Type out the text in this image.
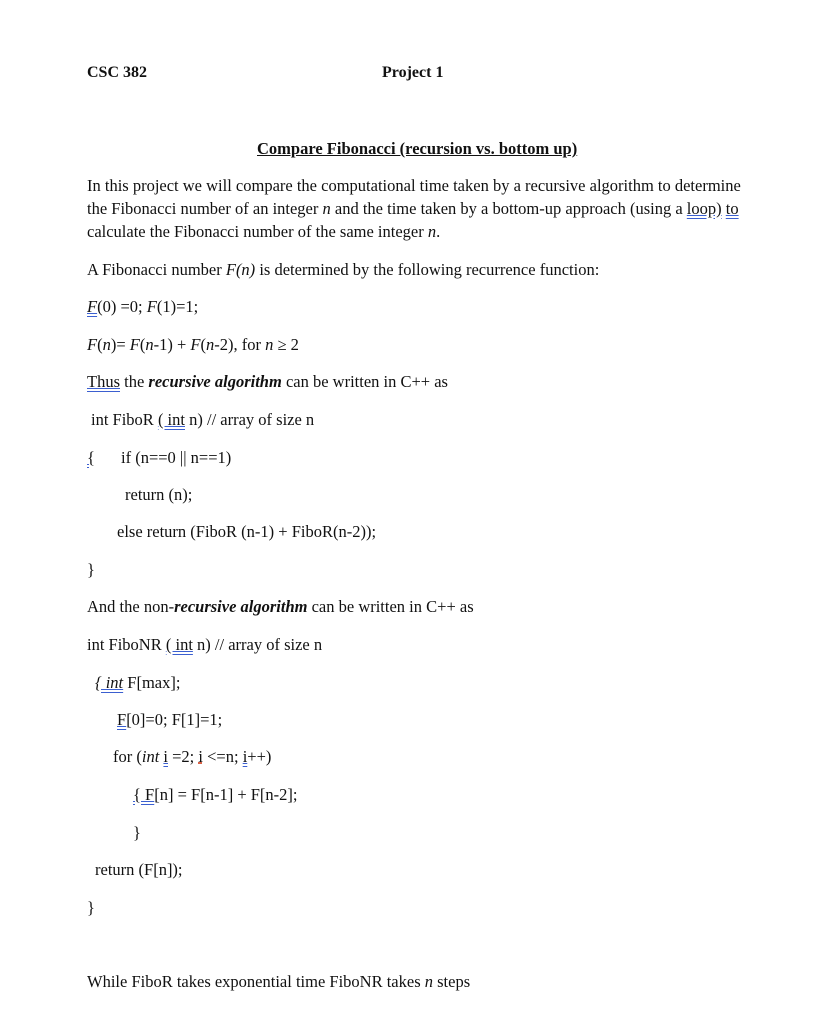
CSC 382	Project 1
Compare Fibonacci (recursion vs. bottom up)
In this project we will compare the computational time taken by a recursive algorithm to determine the Fibonacci number of an integer n and the time taken by a bottom-up approach (using a loop) to calculate the Fibonacci number of the same integer n.
A Fibonacci number F(n) is determined by the following recurrence function:
F(0) =0; F(1)=1;
F(n)= F(n-1) + F(n-2), for n ≥ 2
Thus the recursive algorithm can be written in C++ as
int FiboR ( int n) // array of size n
{ if (n==0 || n==1)
return (n);
else return (FiboR (n-1) + FiboR(n-2));
}
And the non-recursive algorithm can be written in C++ as
int FiboNR ( int n) // array of size n
{ int F[max];
F[0]=0; F[1]=1;
for (int i =2; i <=n; i++)
{ F[n] = F[n-1] + F[n-2];
}
return (F[n]);
}
While FiboR takes exponential time FiboNR takes n steps
